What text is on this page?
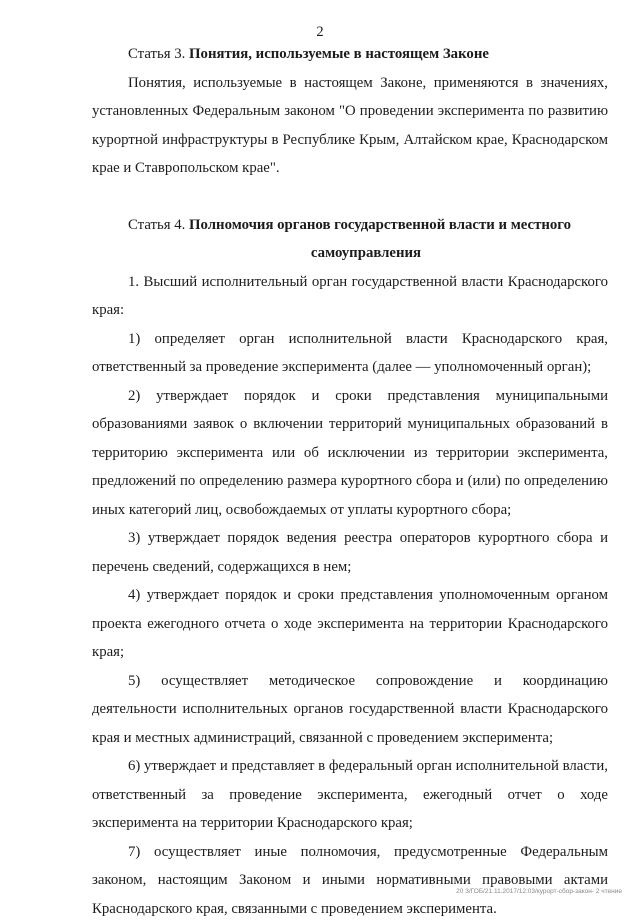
2

Статья 3. Понятия, используемые в настоящем Законе

Понятия, используемые в настоящем Законе, применяются в значениях, установленных Федеральным законом "О проведении эксперимента по развитию курортной инфраструктуры в Республике Крым, Алтайском крае, Краснодарском крае и Ставропольском крае".

Статья 4. Полномочия органов государственной власти и местного

самоуправления

1. Высший исполнительный орган государственной власти Краснодарского края:

1) определяет орган исполнительной власти Краснодарского края, ответственный за проведение эксперимента (далее — уполномоченный орган);

2) утверждает порядок и сроки представления муниципальными образованиями заявок о включении территорий муниципальных образований в территорию эксперимента или об исключении из территории эксперимента, предложений по определению размера курортного сбора и (или) по определению иных категорий лиц, освобождаемых от уплаты курортного сбора;

3) утверждает порядок ведения реестра операторов курортного сбора и перечень сведений, содержащихся в нем;

4) утверждает порядок и сроки представления уполномоченным органом проекта ежегодного отчета о ходе эксперимента на территории Краснодарского края;

5) осуществляет методическое сопровождение и координацию деятельности исполнительных органов государственной власти Краснодарского края и местных администраций, связанной с проведением эксперимента;

6) утверждает и представляет в федеральный орган исполнительной власти, ответственный за проведение эксперимента, ежегодный отчет о ходе эксперимента на территории Краснодарского края;

7) осуществляет иные полномочия, предусмотренные Федеральным законом, настоящим Законом и иными нормативными правовыми актами Краснодарского края, связанными с проведением эксперимента.

20 3/ГОБ/21.11.2017/12:03/курорт-сбор-закон- 2 чтение
